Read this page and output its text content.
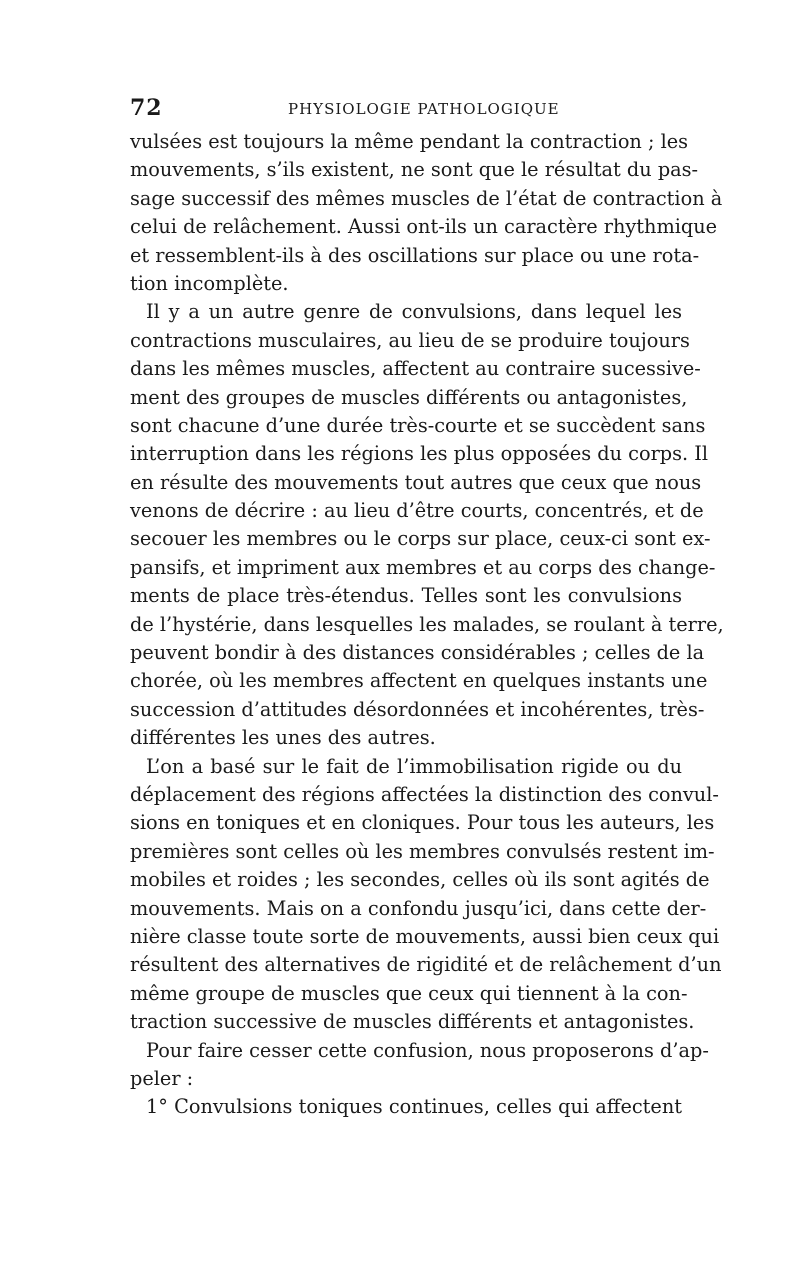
72	PHYSIOLOGIE PATHOLOGIQUE
vulsées est toujours la même pendant la contraction ; les
mouvements, s’ils existent, ne sont que le résultat du pas-
sage successif des mêmes muscles de l’état de contraction à
celui de relâchement. Aussi ont-ils un caractère rhythmique
et ressemblent-ils à des oscillations sur place ou une rota-
tion incomplète.
Il y a un autre genre de convulsions, dans lequel les
contractions musculaires, au lieu de se produire toujours
dans les mêmes muscles, affectent au contraire sucessive-
ment des groupes de muscles différents ou antagonistes,
sont chacune d’une durée très-courte et se succèdent sans
interruption dans les régions les plus opposées du corps. Il
en résulte des mouvements tout autres que ceux que nous
venons de décrire : au lieu d’être courts, concentrés, et de
secouer les membres ou le corps sur place, ceux-ci sont ex-
pansifs, et impriment aux membres et au corps des change-
ments de place très-étendus. Telles sont les convulsions
de l’hystérie, dans lesquelles les malades, se roulant à terre,
peuvent bondir à des distances considérables ; celles de la
chorée, où les membres affectent en quelques instants une
succession d’attitudes désordonnées et incohérentes, très-
différentes les unes des autres.
L’on a basé sur le fait de l’immobilisation rigide ou du
déplacement des régions affectées la distinction des convul-
sions en toniques et en cloniques. Pour tous les auteurs, les
premières sont celles où les membres convulsés restent im-
mobiles et roides ; les secondes, celles où ils sont agités de
mouvements. Mais on a confondu jusqu’ici, dans cette der-
nière classe toute sorte de mouvements, aussi bien ceux qui
résultent des alternatives de rigidité et de relâchement d’un
même groupe de muscles que ceux qui tiennent à la con-
traction successive de muscles différents et antagonistes.
Pour faire cesser cette confusion, nous proposerons d’ap-
peler :
1° Convulsions toniques continues, celles qui affectent
